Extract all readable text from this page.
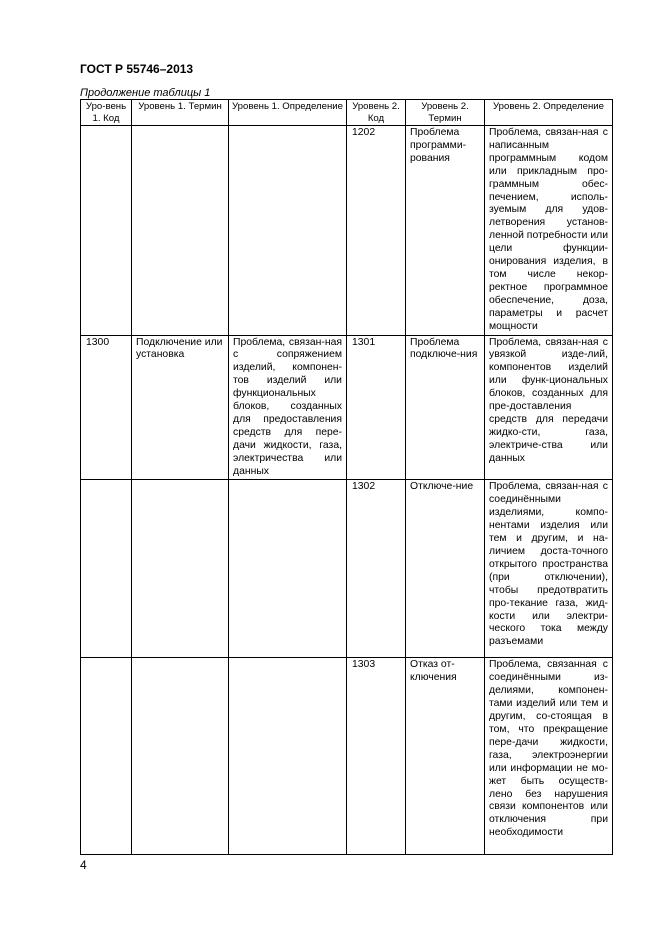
ГОСТ Р 55746–2013
Продолжение таблицы 1
Уро-вень 1. Код	Уровень 1. Термин	Уровень 1. Определение	Уровень 2. Код	Уровень 2. Термин	Уровень 2. Определение
			1202	Проблема программи-рования	Проблема, связан-ная с написанным программным кодом или прикладным про-граммным обес-печением, исполь-зуемым для удов-летворения установ-ленной потребности или цели функции-онирования изделия, в том числе некор-ректное программное обеспечение, доза, параметры и расчет мощности
1300	Подключение или установка	Проблема, связан-ная с сопряжением изделий, компонен-тов изделий или функциональных блоков, созданных для предоставления средств для пере-дачи жидкости, газа, электричества или данных	1301	Проблема подключе-ния	Проблема, связан-ная с увязкой изде-лий, компонентов изделий или функ-циональных блоков, созданных для пре-доставления средств для передачи жидко-сти, газа, электриче-ства или данных
			1302	Отключе-ние	Проблема, связан-ная с соединёнными изделиями, компо-нентами изделия или тем и другим, и на-личием доста-точного открытого пространства (при отключении), чтобы предотвратить про-текание газа, жид-кости или электри-ческого тока между разъемами
			1303	Отказ от-ключения	Проблема, связанная с соединёнными из-делиями, компонен-тами изделий или тем и другим, со-стоящая в том, что прекращение пере-дачи жидкости, газа, электроэнергии или информации не мо-жет быть осуществ-лено без нарушения связи компонентов или отключения при необходимости
4
